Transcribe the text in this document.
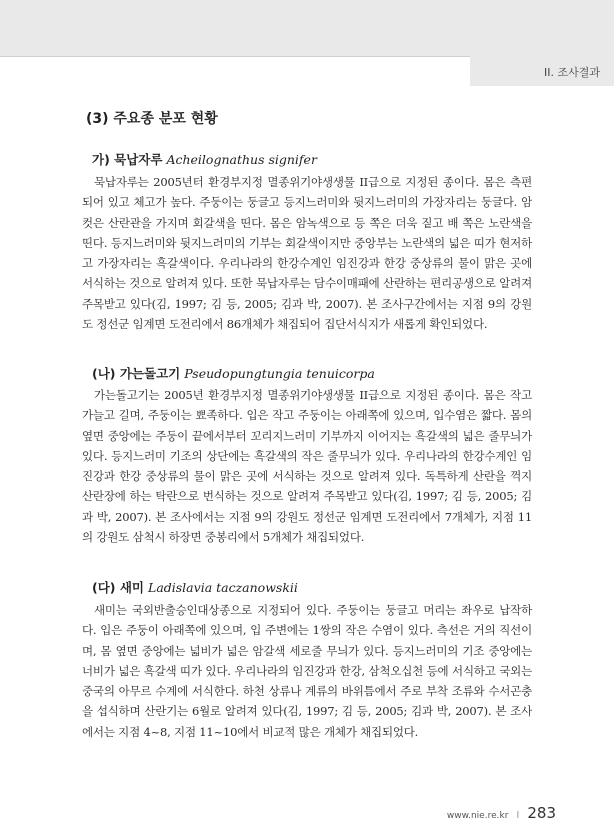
II. 조사결과
(3) 주요종 분포 현황
가) 묵납자루 Acheilognathus signifer

묵납자루는 2005년터 환경부지정 멸종위기야생생물 II급으로 지정된 종이다. 몸은 측편되어 있고 체고가 높다. 주둥이는 둥글고 등지느러미와 뒷지느러미의 가장자리는 둥글다. 암컷은 산란관을 가지며 회갈색을 띤다. 몸은 암녹색으로 등 쪽은 더욱 짙고 배 쪽은 노란색을 띤다. 등지느러미와 뒷지느러미의 기부는 회갈색이지만 중앙부는 노란색의 넓은 띠가 현저하고 가장자리는 흑갈색이다. 우리나라의 한강수계인 임진강과 한강 중상류의 물이 맑은 곳에 서식하는 것으로 알려져 있다. 또한 묵납자루는 담수이매패에 산란하는 편리공생으로 알려져 주목받고 있다(김, 1997; 김 등, 2005; 김과 박, 2007). 본 조사구간에서는 지점 9의 강원도 정선군 임계면 도전리에서 86개체가 채집되어 집단서식지가 새롭게 확인되었다.

(나) 가는돌고기 Pseudopungtungia tenuicorpa

가는돌고기는 2005년 환경부지정 멸종위기야생생물 II급으로 지정된 종이다. 몸은 작고 가늘고 길며, 주둥이는 뾰족하다. 입은 작고 주둥이는 아래쪽에 있으며, 입수염은 짧다. 몸의 옆면 중앙에는 주둥이 끝에서부터 꼬리지느러미 기부까지 이어지는 흑갈색의 넓은 줄무늬가 있다. 등지느러미 기조의 상단에는 흑갈색의 작은 줄무늬가 있다. 우리나라의 한강수계인 임진강과 한강 중상류의 물이 맑은 곳에 서식하는 것으로 알려져 있다. 독특하게 산란을 꺽지 산란장에 하는 탁란으로 번식하는 것으로 알려져 주목받고 있다(김, 1997; 김 등, 2005; 김과 박, 2007). 본 조사에서는 지점 9의 강원도 정선군 임계면 도전리에서 7개체가, 지점 11의 강원도 삼척시 하장면 중봉리에서 5개체가 채집되었다.

(다) 새미 Ladislavia taczanowskii

새미는 국외반출승인대상종으로 지정되어 있다. 주둥이는 둥글고 머리는 좌우로 납작하다. 입은 주둥이 아래쪽에 있으며, 입 주변에는 1쌍의 작은 수염이 있다. 측선은 거의 직선이며, 몸 옆면 중앙에는 넓비가 넓은 암갈색 세로줄 무늬가 있다. 등지느러미의 기조 중앙에는 너비가 넓은 흑갈색 띠가 있다. 우리나라의 임진강과 한강, 삼척오십천 등에 서식하고 국외는 중국의 아무르 수계에 서식한다. 하천 상류나 계류의 바위틈에서 주로 부착 조류와 수서곤충을 섭식하며 산란기는 6월로 알려져 있다(김, 1997; 김 등, 2005; 김과 박, 2007). 본 조사에서는 지점 4~8, 지점 11~10에서 비교적 많은 개체가 채집되었다.

www.nie.re.kr I 283
